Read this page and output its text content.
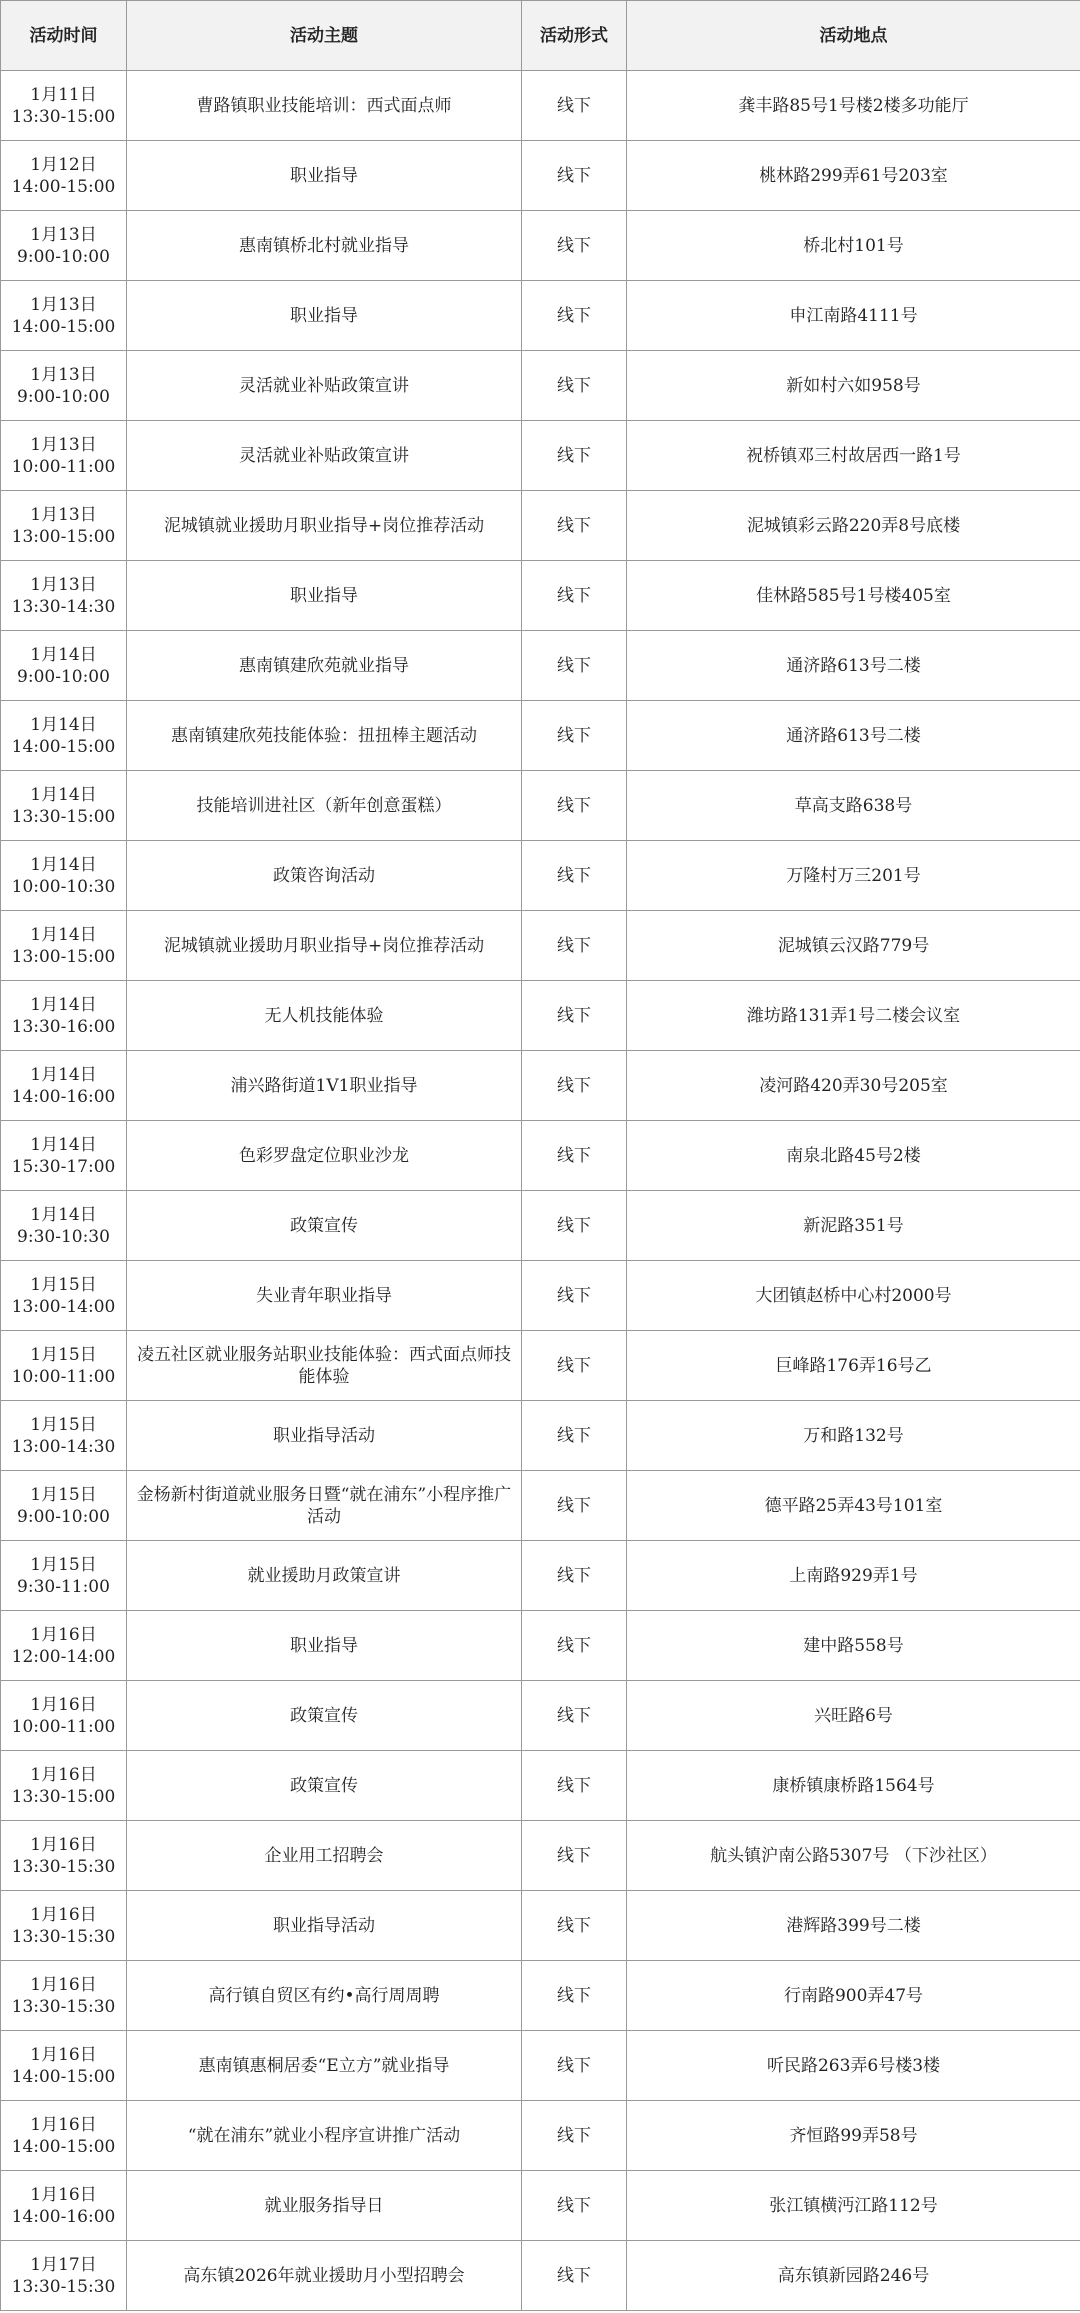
活动时间	活动主题	活动形式	活动地点

1月11日
13:30-15:00	曹路镇职业技能培训：西式面点师	线下	龚丰路85号1号楼2楼多功能厅

1月12日
14:00-15:00	职业指导	线下	桃林路299弄61号203室

1月13日
9:00-10:00	惠南镇桥北村就业指导	线下	桥北村101号

1月13日
14:00-15:00	职业指导	线下	申江南路4111号

1月13日
9:00-10:00	灵活就业补贴政策宣讲	线下	新如村六如958号

1月13日
10:00-11:00	灵活就业补贴政策宣讲	线下	祝桥镇邓三村故居西一路1号

1月13日
13:00-15:00	泥城镇就业援助月职业指导+岗位推荐活动	线下	泥城镇彩云路220弄8号底楼

1月13日
13:30-14:30	职业指导	线下	佳林路585号1号楼405室

1月14日
9:00-10:00	惠南镇建欣苑就业指导	线下	通济路613号二楼

1月14日
14:00-15:00	惠南镇建欣苑技能体验：扭扭棒主题活动	线下	通济路613号二楼

1月14日
13:30-15:00	技能培训进社区（新年创意蛋糕）	线下	草高支路638号

1月14日
10:00-10:30	政策咨询活动	线下	万隆村万三201号

1月14日
13:00-15:00	泥城镇就业援助月职业指导+岗位推荐活动	线下	泥城镇云汉路779号

1月14日
13:30-16:00	无人机技能体验	线下	潍坊路131弄1号二楼会议室

1月14日
14:00-16:00	浦兴路街道1V1职业指导	线下	凌河路420弄30号205室

1月14日
15:30-17:00	色彩罗盘定位职业沙龙	线下	南泉北路45号2楼

1月14日
9:30-10:30	政策宣传	线下	新泥路351号

1月15日
13:00-14:00	失业青年职业指导	线下	大团镇赵桥中心村2000号

1月15日
10:00-11:00	凌五社区就业服务站职业技能体验：西式面点师技能体验	线下	巨峰路176弄16号乙

1月15日
13:00-14:30	职业指导活动	线下	万和路132号

1月15日
9:00-10:00	金杨新村街道就业服务日暨“就在浦东”小程序推广活动	线下	德平路25弄43号101室

1月15日
9:30-11:00	就业援助月政策宣讲	线下	上南路929弄1号

1月16日
12:00-14:00	职业指导	线下	建中路558号

1月16日
10:00-11:00	政策宣传	线下	兴旺路6号

1月16日
13:30-15:00	政策宣传	线下	康桥镇康桥路1564号

1月16日
13:30-15:30	企业用工招聘会	线下	航头镇沪南公路5307号 （下沙社区）

1月16日
13:30-15:30	职业指导活动	线下	港辉路399号二楼

1月16日
13:30-15:30	高行镇自贸区有约•高行周周聘	线下	行南路900弄47号

1月16日
14:00-15:00	惠南镇惠桐居委“E立方”就业指导	线下	听民路263弄6号楼3楼

1月16日
14:00-15:00	“就在浦东”就业小程序宣讲推广活动	线下	齐恒路99弄58号

1月16日
14:00-16:00	就业服务指导日	线下	张江镇横沔江路112号

1月17日
13:30-15:30	高东镇2026年就业援助月小型招聘会	线下	高东镇新园路246号
